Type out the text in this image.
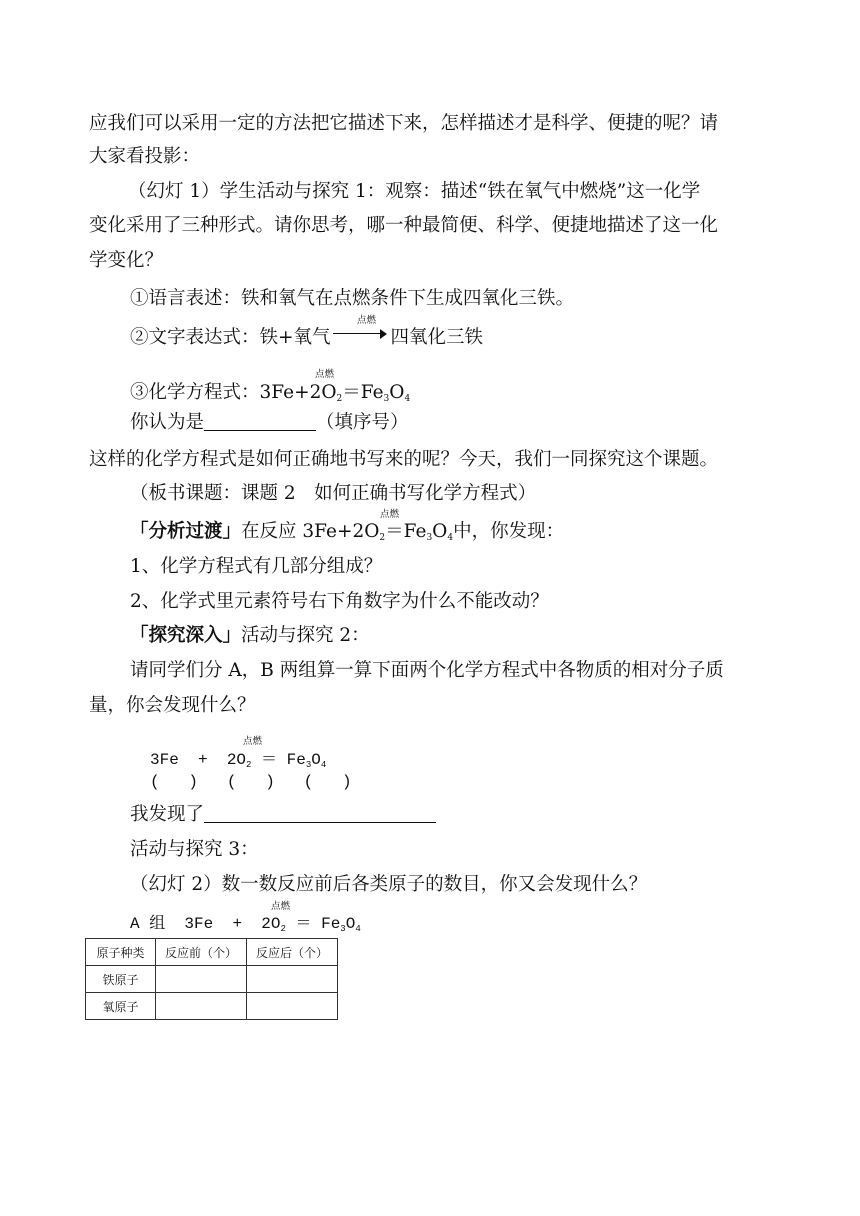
应我们可以采用一定的方法把它描述下来，怎样描述才是科学、便捷的呢？请
大家看投影：
（幻灯 1）学生活动与探究 1：观察：描述“铁在氧气中燃烧”这一化学
变化采用了三种形式。请你思考，哪一种最简便、科学、便捷地描述了这一化
学变化？
①语言表述：铁和氧气在点燃条件下生成四氧化三铁。
点燃
②文字表达式：铁+氧气	四氧化三铁
点燃
③化学方程式：$3Fe+2O_2=Fe_3O_4$
你认为是	（填序号）
这样的化学方程式是如何正确地书写来的呢？今天，我们一同探究这个课题。
（板书课题：课题 2　如何正确书写化学方程式）
点燃
「分析过渡」在反应 $3Fe+2O_2=Fe_3O_4$中，你发现：
1、化学方程式有几部分组成？
2、化学式里元素符号右下角数字为什么不能改动？
「探究深入」活动与探究 2：
请同学们分 A，B 两组算一算下面两个化学方程式中各物质的相对分子质
量，你会发现什么？
点燃
$3Fe + 2O_2 = Fe_3O_4$
(   )   (   )   (   )
我发现了
活动与探究 3：
（幻灯 2）数一数反应前后各类原子的数目，你又会发现什么？
点燃
A 组 $3Fe + 2O_2 = Fe_3O_4$
原子种类	反应前（个）	反应后（个）
铁原子		
氧原子		
